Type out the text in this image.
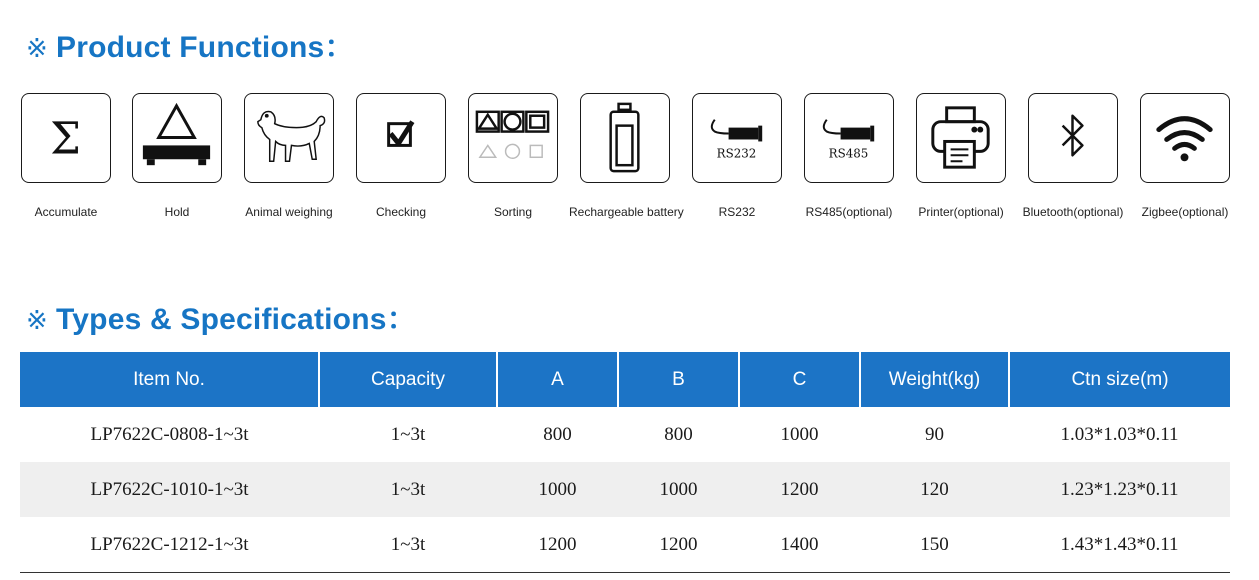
※ Product Functions：
Σ
Accumulate	Hold	Animal weighing	Checking	Sorting	Rechargeable battery
RS232
RS232
RS485
RS485(optional)	Printer(optional)	Bluetooth(optional)	Zigbee(optional)
※ Types & Specifications：
Item No.	Capacity	A	B	C	Weight(kg)	Ctn size(m)
LP7622C-0808-1~3t	1~3t	800	800	1000	90	1.03*1.03*0.11
LP7622C-1010-1~3t	1~3t	1000	1000	1200	120	1.23*1.23*0.11
LP7622C-1212-1~3t	1~3t	1200	1200	1400	150	1.43*1.43*0.11
